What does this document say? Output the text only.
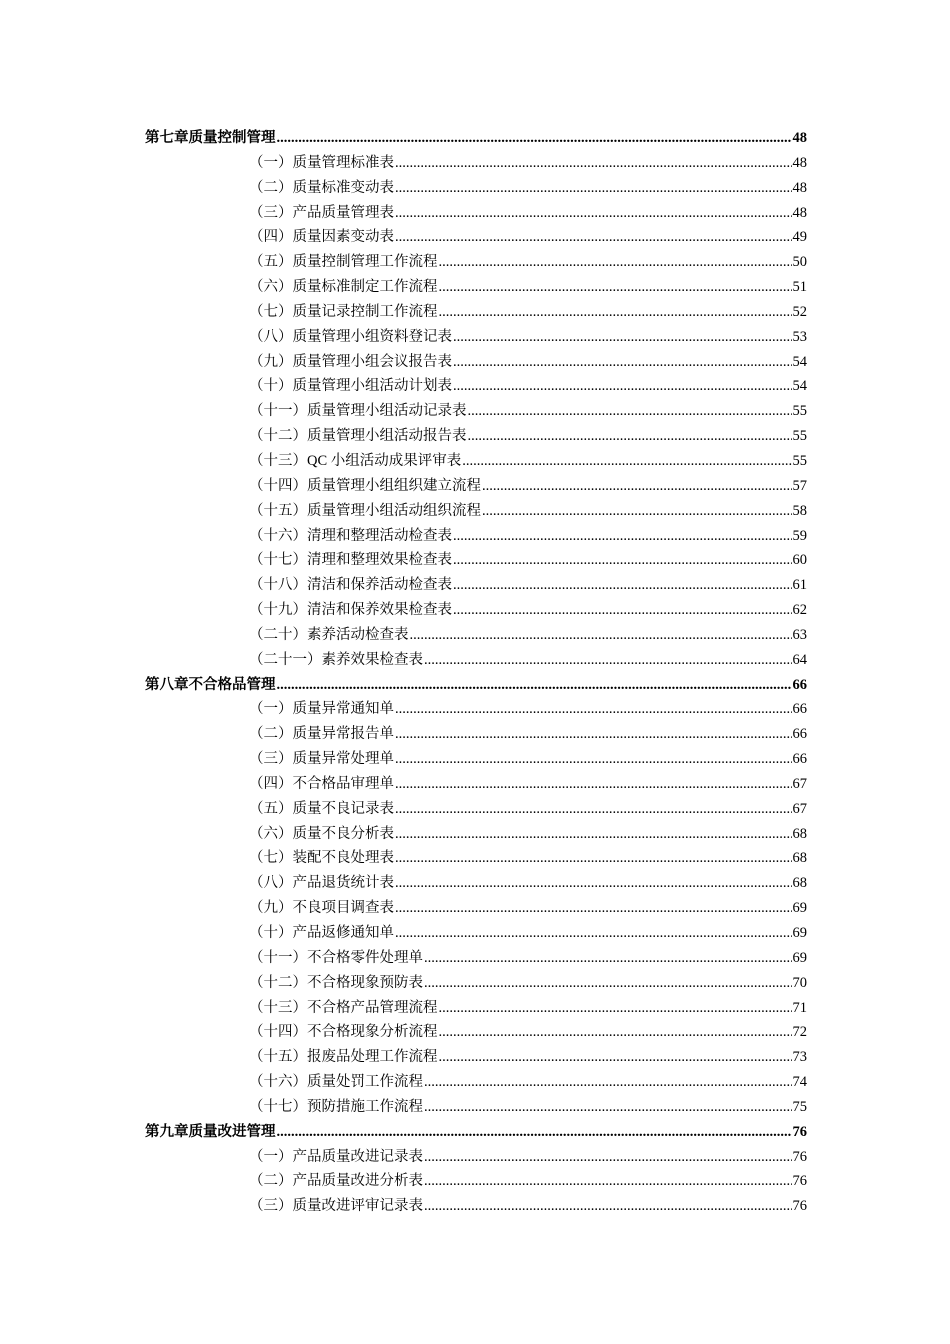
第七章 质量控制管理 .....	48
（一）质量管理标准表 .....	48
（二）质量标准变动表 .....	48
（三）产品质量管理表 .....	48
（四）质量因素变动表 .....	49
（五）质量控制管理工作流程 .....	50
（六）质量标准制定工作流程 .....	51
（七）质量记录控制工作流程 .....	52
（八）质量管理小组资料登记表 .....	53
（九）质量管理小组会议报告表 .....	54
（十）质量管理小组活动计划表 .....	54
（十一）质量管理小组活动记录表 .....	55
（十二）质量管理小组活动报告表 .....	55
（十三）QC 小组活动成果评审表 .....	55
（十四）质量管理小组组织建立流程 .....	57
（十五）质量管理小组活动组织流程 .....	58
（十六）清理和整理活动检查表 .....	59
（十七）清理和整理效果检查表 .....	60
（十八）清洁和保养活动检查表 .....	61
（十九）清洁和保养效果检查表 .....	62
（二十）素养活动检查表 .....	63
（二十一）素养效果检查表 .....	64
第八章 不合格品管理 .....	66
（一）质量异常通知单 .....	66
（二）质量异常报告单 .....	66
（三）质量异常处理单 .....	66
（四）不合格品审理单 .....	67
（五）质量不良记录表 .....	67
（六）质量不良分析表 .....	68
（七）装配不良处理表 .....	68
（八）产品退货统计表 .....	68
（九）不良项目调查表 .....	69
（十）产品返修通知单 .....	69
（十一）不合格零件处理单 .....	69
（十二）不合格现象预防表 .....	70
（十三）不合格产品管理流程 .....	71
（十四）不合格现象分析流程 .....	72
（十五）报废品处理工作流程 .....	73
（十六）质量处罚工作流程 .....	74
（十七）预防措施工作流程 .....	75
第九章 质量改进管理 .....	76
（一）产品质量改进记录表 .....	76
（二）产品质量改进分析表 .....	76
（三）质量改进评审记录表 .....	76
